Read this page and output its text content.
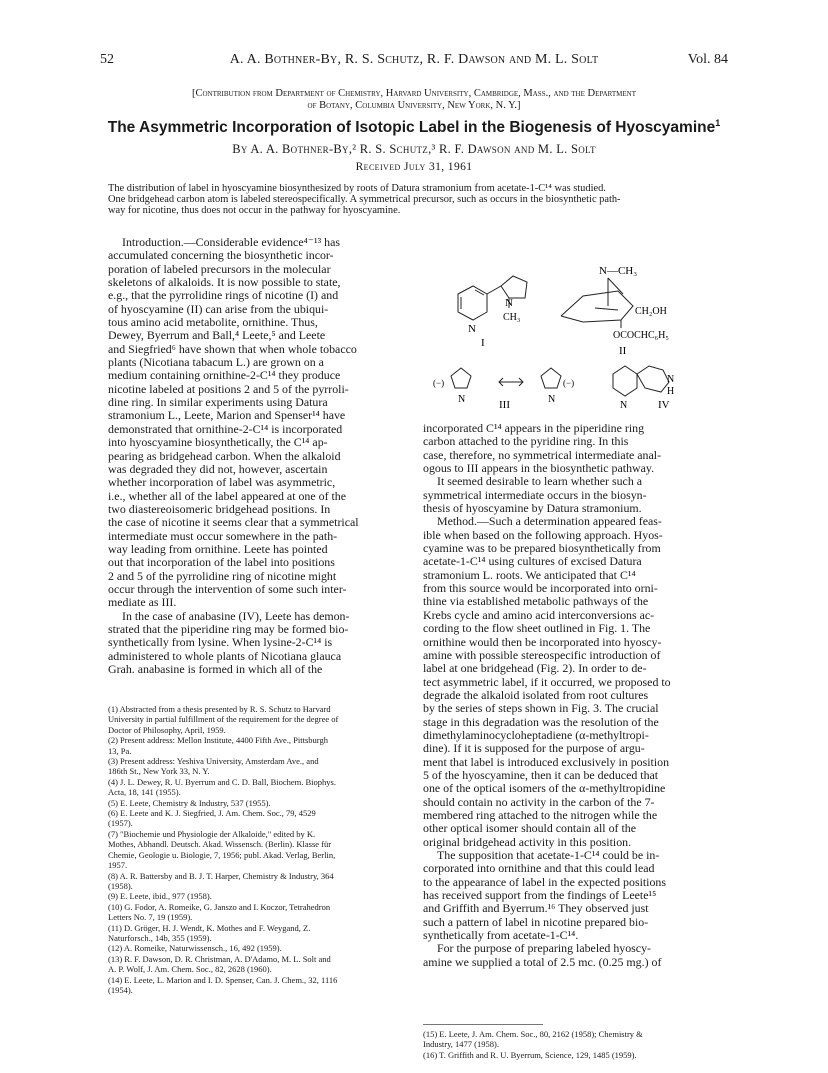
52	A. A. Bothner-By, R. S. Schutz, R. F. Dawson and M. L. Solt	Vol. 84
[Contribution from Department of Chemistry, Harvard University, Cambridge, Mass., and the Department
of Botany, Columbia University, New York, N. Y.]
The Asymmetric Incorporation of Isotopic Label in the Biogenesis of Hyoscyamine$^1$
By A. A. Bothner-By,² R. S. Schutz,³ R. F. Dawson and M. L. Solt
Received July 31, 1961
The distribution of label in hyoscyamine biosynthesized by roots of Datura stramonium from acetate-1-C¹⁴ was studied.
One bridgehead carbon atom is labeled stereospecifically. A symmetrical precursor, such as occurs in the biosynthetic path-
way for nicotine, thus does not occur in the pathway for hyoscyamine.
Introduction.—Considerable evidence⁴⁻¹³ has
accumulated concerning the biosynthetic incor-
poration of labeled precursors in the molecular
skeletons of alkaloids. It is now possible to state,
e.g., that the pyrrolidine rings of nicotine (I) and
of hyoscyamine (II) can arise from the ubiqui-
tous amino acid metabolite, ornithine. Thus,
Dewey, Byerrum and Ball,⁴ Leete,⁵ and Leete
and Siegfried⁶ have shown that when whole tobacco
plants (Nicotiana tabacum L.) are grown on a
medium containing ornithine-2-C¹⁴ they produce
nicotine labeled at positions 2 and 5 of the pyrroli-
dine ring. In similar experiments using Datura
stramonium L., Leete, Marion and Spenser¹⁴ have
demonstrated that ornithine-2-C¹⁴ is incorporated
into hyoscyamine biosynthetically, the C¹⁴ ap-
pearing as bridgehead carbon. When the alkaloid
was degraded they did not, however, ascertain
whether incorporation of label was asymmetric,
i.e., whether all of the label appeared at one of the
two diastereoisomeric bridgehead positions. In
the case of nicotine it seems clear that a symmetrical
intermediate must occur somewhere in the path-
way leading from ornithine. Leete has pointed
out that incorporation of the label into positions
2 and 5 of the pyrrolidine ring of nicotine might
occur through the intervention of some such inter-
mediate as III.
In the case of anabasine (IV), Leete has demon-
strated that the piperidine ring may be formed bio-
synthetically from lysine. When lysine-2-C¹⁴ is
administered to whole plants of Nicotiana glauca
Grah. anabasine is formed in which all of the
(1) Abstracted from a thesis presented by R. S. Schutz to Harvard
University in partial fulfillment of the requirement for the degree of
Doctor of Philosophy, April, 1959.
(2) Present address: Mellon Institute, 4400 Fifth Ave., Pittsburgh
13, Pa.
(3) Present address: Yeshiva University, Amsterdam Ave., and
186th St., New York 33, N. Y.
(4) J. L. Dewey, R. U. Byerrum and C. D. Ball, Biochem. Biophys.
Acta, 18, 141 (1955).
(5) E. Leete, Chemistry & Industry, 537 (1955).
(6) E. Leete and K. J. Siegfried, J. Am. Chem. Soc., 79, 4529
(1957).
(7) "Biochemie und Physiologie der Alkaloide," edited by K.
Mothes, Abhandl. Deutsch. Akad. Wissensch. (Berlin). Klasse für
Chemie, Geologie u. Biologie, 7, 1956; publ. Akad. Verlag, Berlin,
1957.
(8) A. R. Battersby and B. J. T. Harper, Chemistry & Industry, 364
(1958).
(9) E. Leete, ibid., 977 (1958).
(10) G. Fodor, A. Romeike, G. Janszo and I. Koczor, Tetrahedron
Letters No. 7, 19 (1959).
(11) D. Gröger, H. J. Wendt, K. Mothes and F. Weygand, Z.
Naturforsch., 14b, 355 (1959).
(12) A. Romeike, Naturwissensch., 16, 492 (1959).
(13) R. F. Dawson, D. R. Christman, A. D'Adamo, M. L. Solt and
A. P. Wolf, J. Am. Chem. Soc., 82, 2628 (1960).
(14) E. Leete, L. Marion and I. D. Spenser, Can. J. Chem., 32, 1116
(1954).
N
N
CH₃
I
N—CH₃
CH₂OH
OCOCHC₆H₅
II
(−)
N
(−)
N
III	N
N
H
IV
incorporated C¹⁴ appears in the piperidine ring
carbon attached to the pyridine ring. In this
case, therefore, no symmetrical intermediate anal-
ogous to III appears in the biosynthetic pathway.
It seemed desirable to learn whether such a
symmetrical intermediate occurs in the biosyn-
thesis of hyoscyamine by Datura stramonium.
Method.—Such a determination appeared feas-
ible when based on the following approach. Hyos-
cyamine was to be prepared biosynthetically from
acetate-1-C¹⁴ using cultures of excised Datura
stramonium L. roots. We anticipated that C¹⁴
from this source would be incorporated into orni-
thine via established metabolic pathways of the
Krebs cycle and amino acid interconversions ac-
cording to the flow sheet outlined in Fig. 1. The
ornithine would then be incorporated into hyoscy-
amine with possible stereospecific introduction of
label at one bridgehead (Fig. 2). In order to de-
tect asymmetric label, if it occurred, we proposed to
degrade the alkaloid isolated from root cultures
by the series of steps shown in Fig. 3. The crucial
stage in this degradation was the resolution of the
dimethylaminocycloheptadiene (α-methyltropi-
dine). If it is supposed for the purpose of argu-
ment that label is introduced exclusively in position
5 of the hyoscyamine, then it can be deduced that
one of the optical isomers of the α-methyltropidine
should contain no activity in the carbon of the 7-
membered ring attached to the nitrogen while the
other optical isomer should contain all of the
original bridgehead activity in this position.
The supposition that acetate-1-C¹⁴ could be in-
corporated into ornithine and that this could lead
to the appearance of label in the expected positions
has received support from the findings of Leete¹⁵
and Griffith and Byerrum.¹⁶ They observed just
such a pattern of label in nicotine prepared bio-
synthetically from acetate-1-C¹⁴.
For the purpose of preparing labeled hyoscy-
amine we supplied a total of 2.5 mc. (0.25 mg.) of
(15) E. Leete, J. Am. Chem. Soc., 80, 2162 (1958); Chemistry &
Industry, 1477 (1958).
(16) T. Griffith and R. U. Byerrum, Science, 129, 1485 (1959).
